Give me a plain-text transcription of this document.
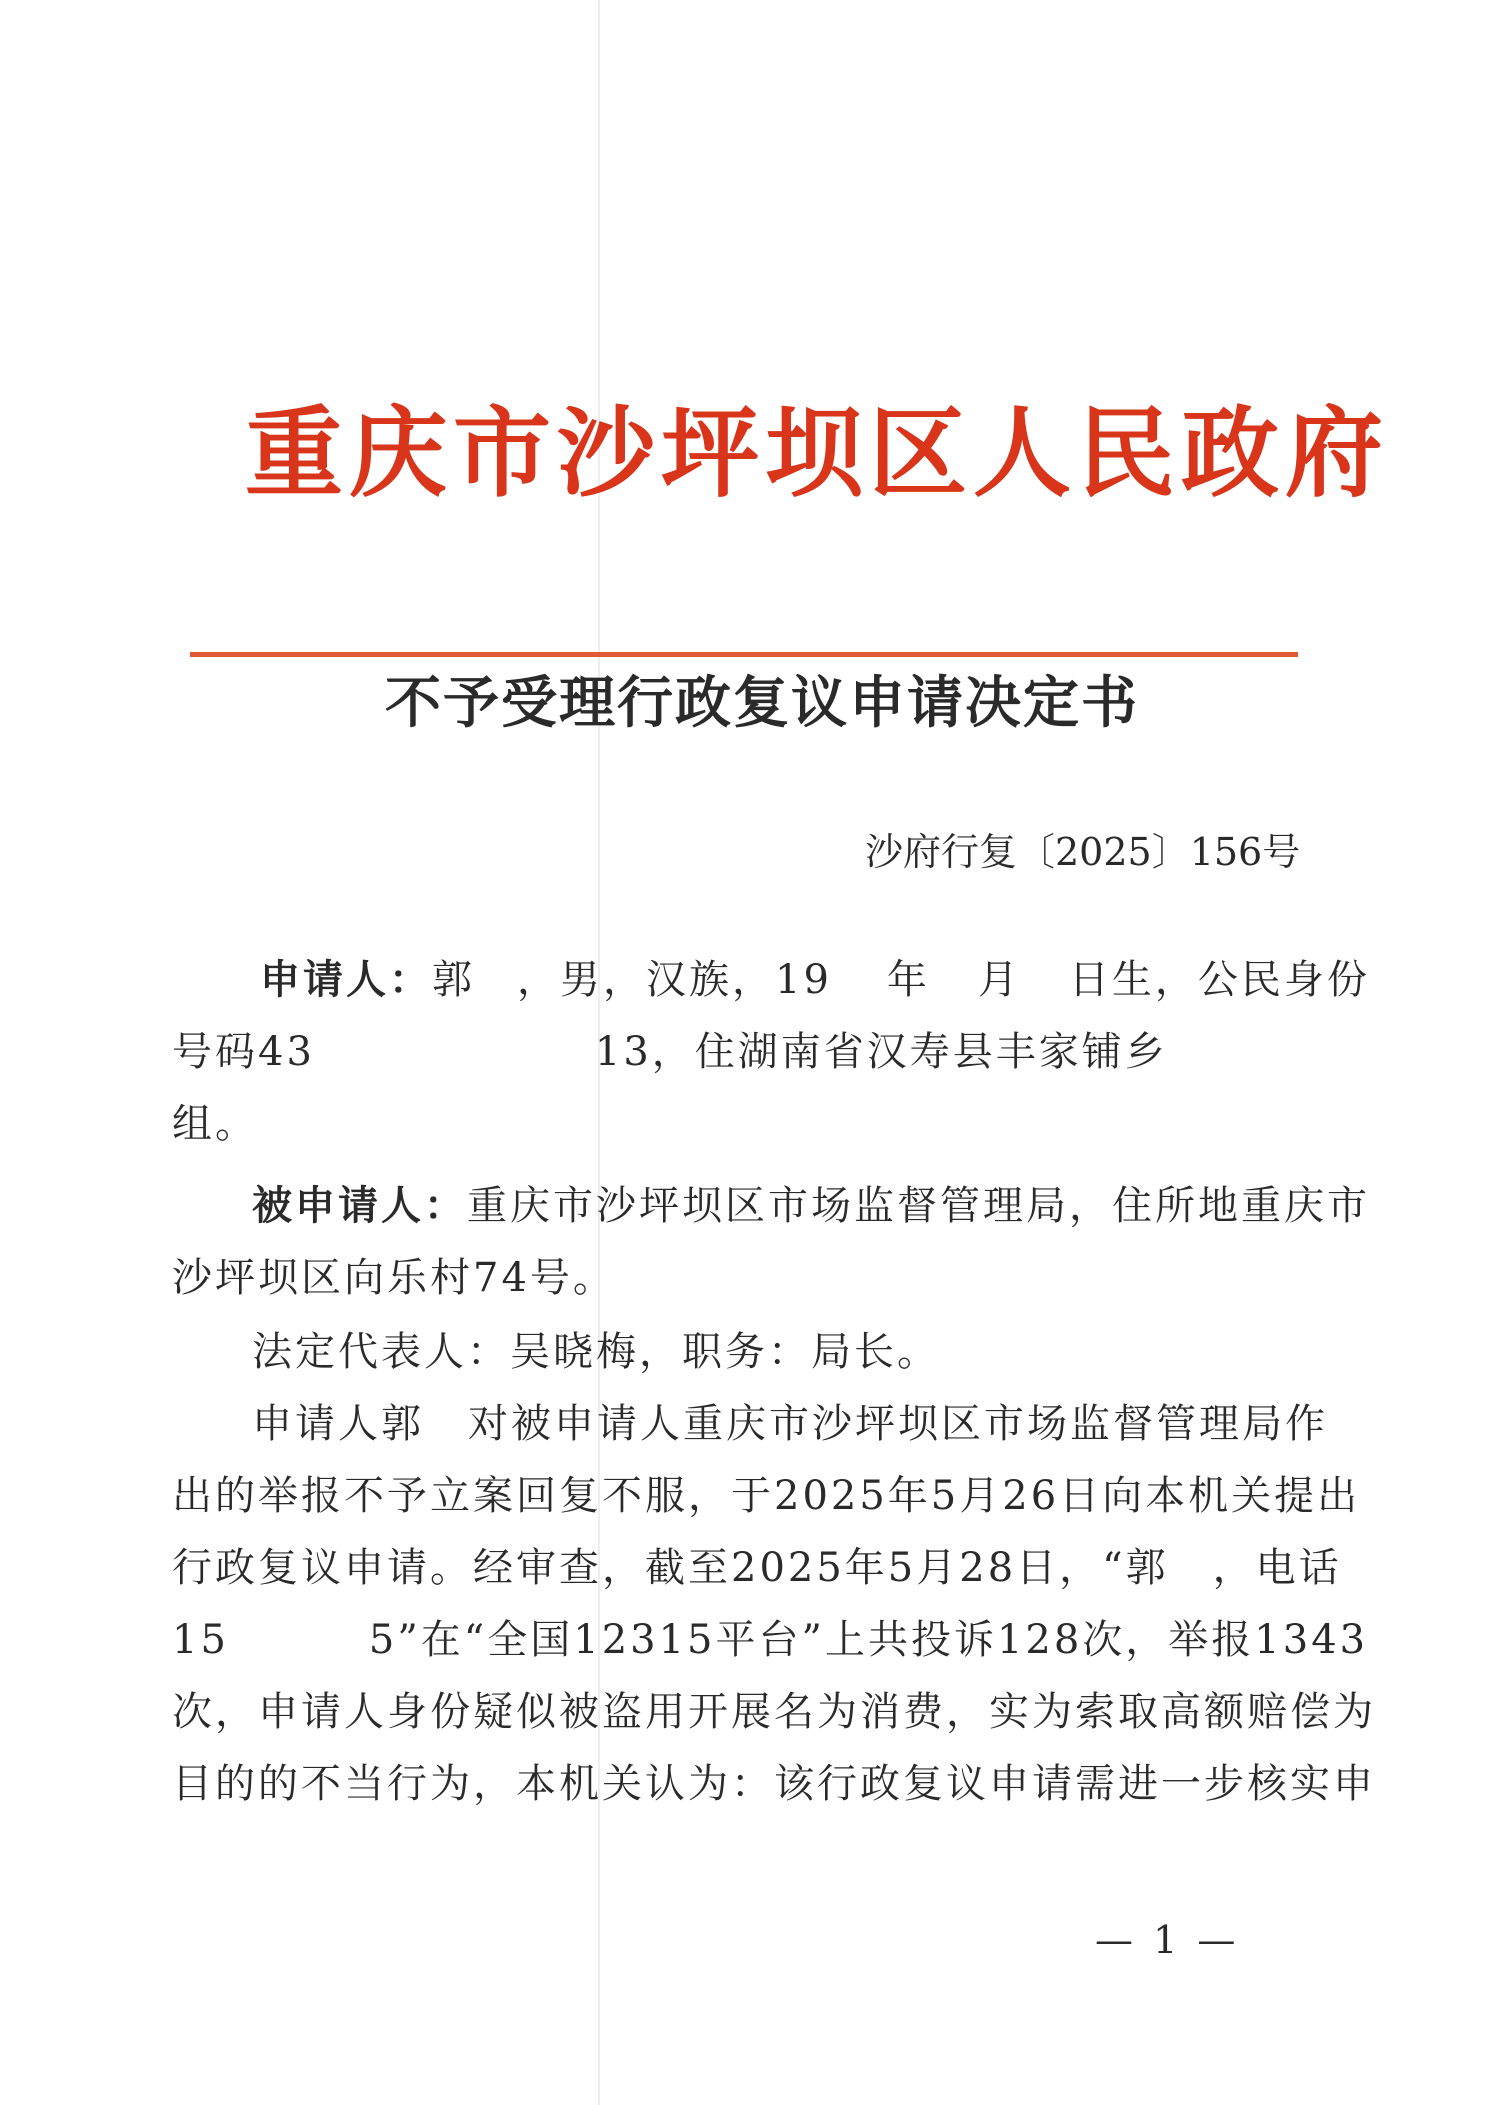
重庆市沙坪坝区人民政府
不予受理行政复议申请决定书
沙府行复〔2025〕156号
申请人：郭 ，男，汉族，19 年 月 日生，公民身份
号码43	13，住湖南省汉寿县丰家铺乡
组。
被申请人：重庆市沙坪坝区市场监督管理局，住所地重庆市
沙坪坝区向乐村74号。
法定代表人：吴晓梅，职务：局长。
申请人郭 对被申请人重庆市沙坪坝区市场监督管理局作
出的举报不予立案回复不服，于2025年5月26日向本机关提出
行政复议申请。经审查，截至2025年5月28日，“郭 ，电话
15	5”在“全国12315平台”上共投诉128次，举报1343
次，申请人身份疑似被盗用开展名为消费，实为索取高额赔偿为
目的的不当行为，本机关认为：该行政复议申请需进一步核实申
— 1 —
